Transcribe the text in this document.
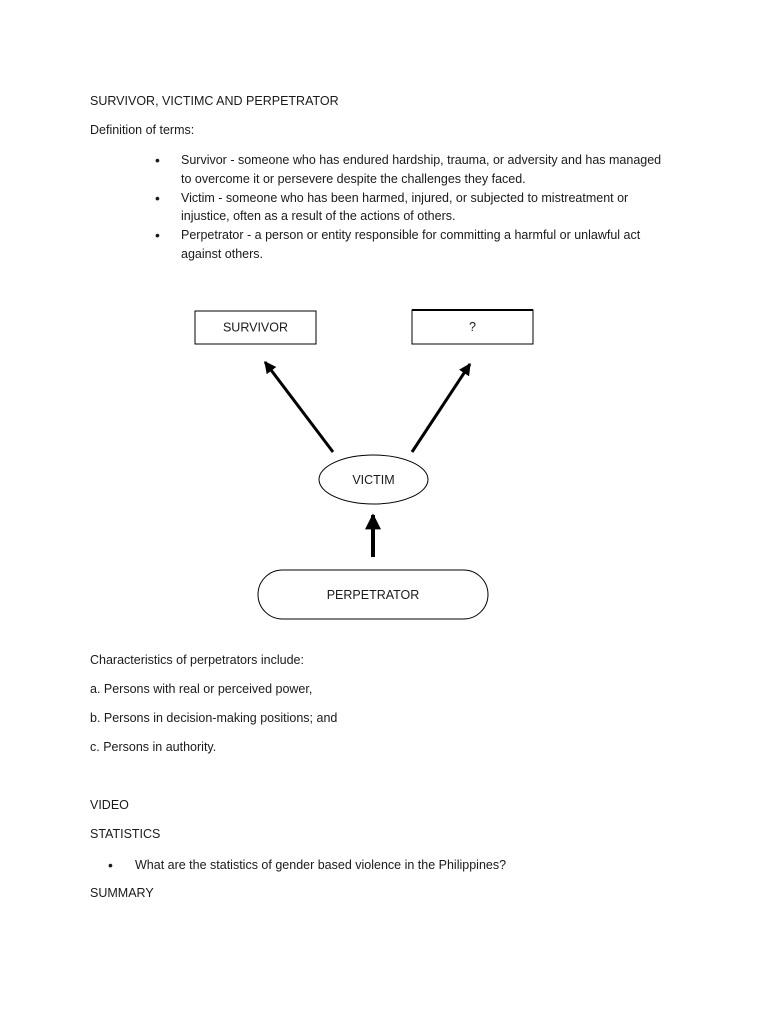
SURVIVOR, VICTIMC AND PERPETRATOR
Definition of terms:
• Survivor - someone who has endured hardship, trauma, or adversity and has managed to overcome it or persevere despite the challenges they faced.
• Victim - someone who has been harmed, injured, or subjected to mistreatment or injustice, often as a result of the actions of others.
• Perpetrator - a person or entity responsible for committing a harmful or unlawful act against others.
SURVIVOR	?
VICTIM
PERPETRATOR
Characteristics of perpetrators include:
a. Persons with real or perceived power,
b. Persons in decision-making positions; and
c. Persons in authority.
VIDEO
STATISTICS
• What are the statistics of gender based violence in the Philippines?
SUMMARY
